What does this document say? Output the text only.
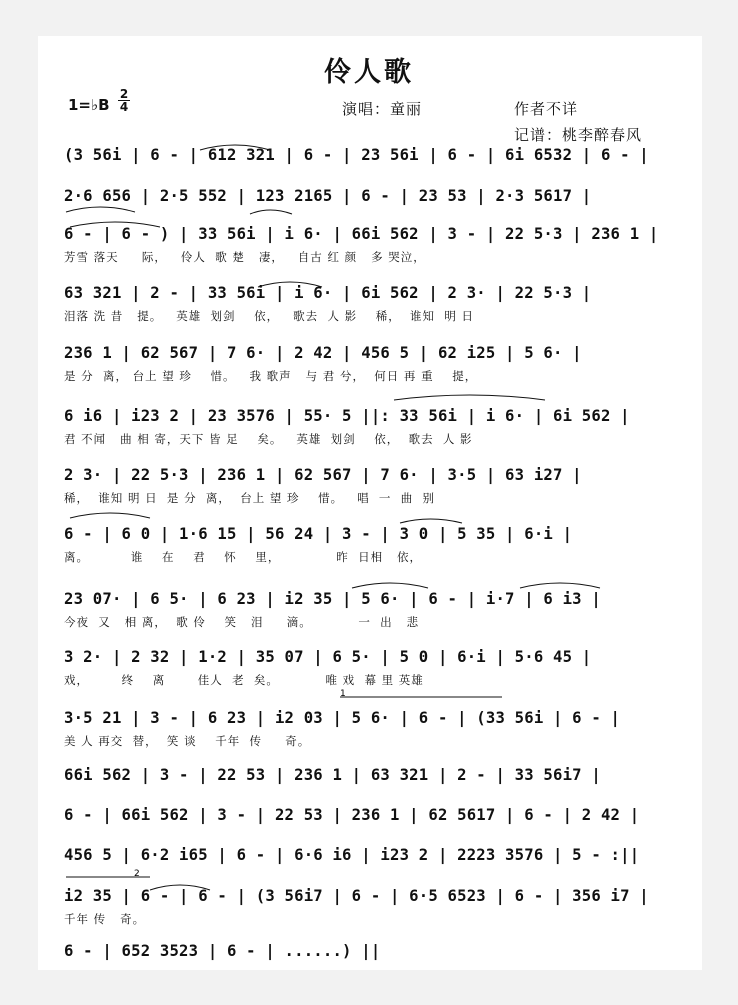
伶人歌
1=♭B
2
4	演唱：童丽	作者不详
记谱：桃李醉春风
(3 56i | 6 - | 612 321 | 6 - | 23 56i | 6 - | 6i 6532 | 6 - |
2·6 656 | 2·5 552 | 123 2165 | 6 - | 23 53 | 2·3 5617 |
6 - | 6 - ) | 33 56i | i 6· | 66i 562 | 3 - | 22 5·3 | 236 1 |
芳雪 落天     际，   伶人  歌 楚   凄，   自古 红 颜   多 哭泣，
63 321 | 2 - | 33 56i | i 6· | 6i 562 | 2 3· | 22 5·3 |
泪落 洗 昔   提。   英雄  划剑    依，   歌去  人 影    稀，  谁知  明 日
236 1 | 62 567 | 7 6· | 2 42 | 456 5 | 62 i25 | 5 6· |
是 分  离， 台上 望 珍    惜。   我 歌声   与 君 兮，  何日 再 重    提，
6 i6 | i23 2 | 23 3576 | 55· 5 ||: 33 56i | i 6· | 6i 562 |
君 不闻   曲 相 寄，天下 皆 足    矣。   英雄  划剑    依，  歌去  人 影
2 3· | 22 5·3 | 236 1 | 62 567 | 7 6· | 3·5 | 63 i27 |
稀，  谁知 明 日  是 分  离，  台上 望 珍    惜。   唱  一  曲  别
6 - | 6 0 | 1·6 15 | 56 24 | 3 - | 3 0 | 5 35 | 6·i |
离。         谁    在    君    怀    里，            昨  日相   依，
23 07· | 6 5· | 6 23 | i2 35 | 5 6· | 6 - | i·7 | 6 i3 |
今夜  又   相 离，  歌 伶    笑   泪     滴。          一  出   悲
3 2· | 2 32 | 1·2 | 35 07 | 6 5· | 5 0 | 6·i | 5·6 45 |
戏，       终    离       佳人  老  矣。          唯 戏  幕 里 英雄
3·5 21 | 3 - | 6 23 | i2 03 | 5 6· | 6 - | (33 56i | 6 - |
美 人 再交  替，  笑 谈    千年  传     奇。
66i 562 | 3 - | 22 53 | 236 1 | 63 321 | 2 - | 33 56i7 |
6 - | 66i 562 | 3 - | 22 53 | 236 1 | 62 5617 | 6 - | 2 42 |
456 5 | 6·2 i65 | 6 - | 6·6 i6 | i23 2 | 2223 3576 | 5 - :||
i2 35 | 6 - | 6 - | (3 56i7 | 6 - | 6·5 6523 | 6 - | 356 i7 |
千年 传   奇。
6 - | 652 3523 | 6 - | ......) ||
1
2
